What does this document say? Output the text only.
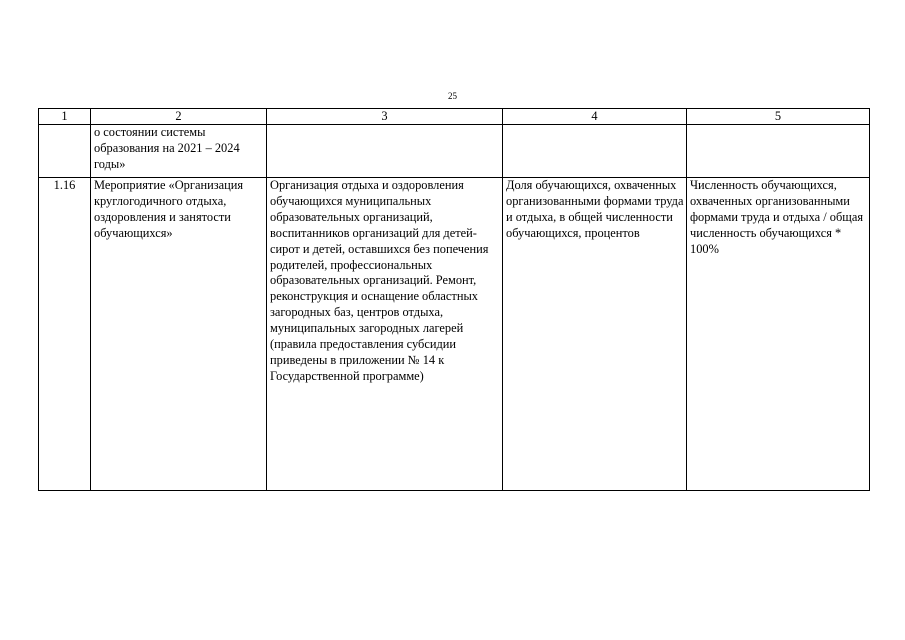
25
1	2	3	4	5
	о состоянии системы образования на 2021 – 2024 годы»			
1.16	Мероприятие «Организация круглогодичного отдыха, оздоровления и занятости обучающихся»	Организация отдыха и оздоровления обучающихся муниципальных образовательных организаций, воспитанников организаций для детей-сирот и детей, оставшихся без попечения родителей, профессиональных образовательных организаций. Ремонт, реконструкция и оснащение областных загородных баз, центров отдыха, муниципальных загородных лагерей (правила предоставления субсидии приведены в приложении № 14 к Государственной программе)	Доля обучающихся, охваченных организованными формами труда и отдыха, в общей численности обучающихся, процентов	Численность обучающихся, охваченных организованными формами труда и отдыха / общая численность обучающихся * 100%
